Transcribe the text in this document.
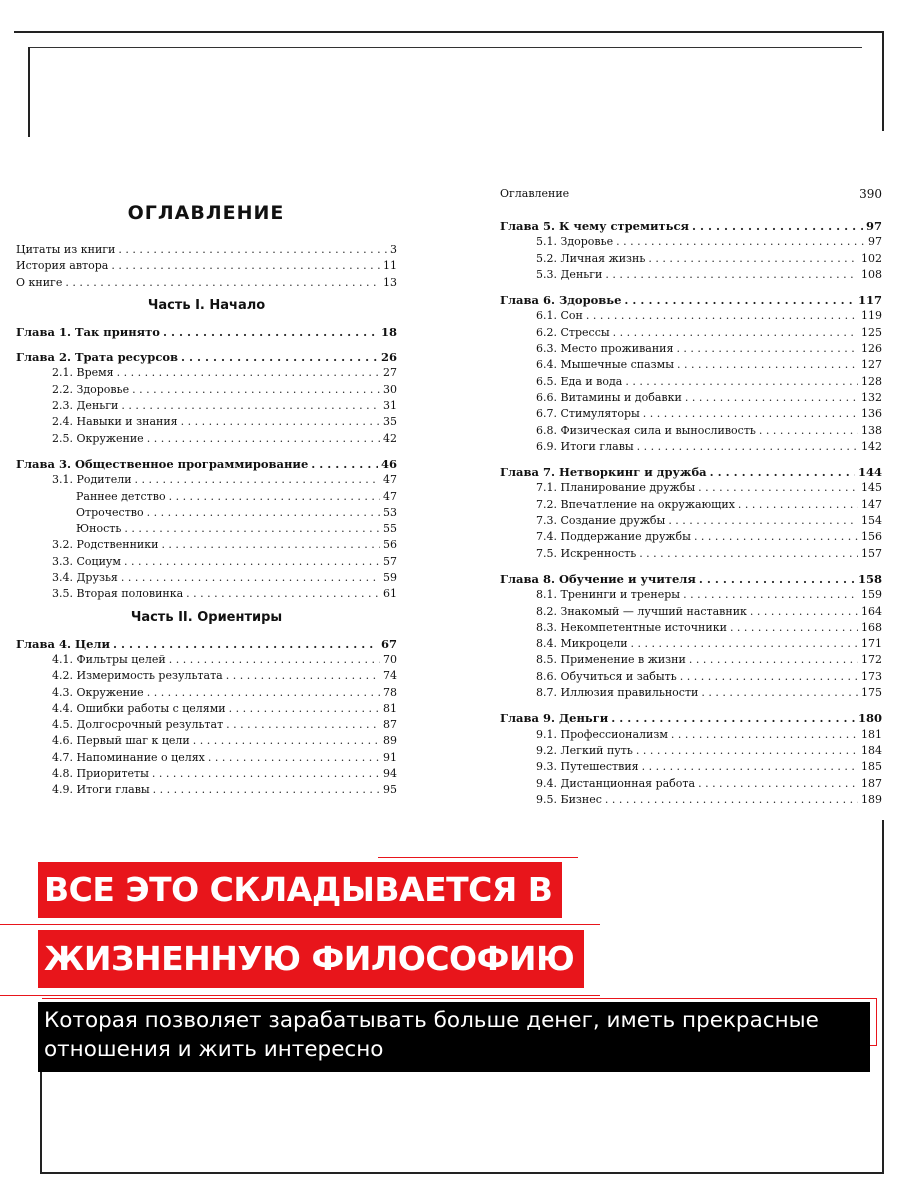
ОГЛАВЛЕНИЕ
Оглавление	390
Цитаты из книги . . .	3
История автора . . .	11
О книге . . .	13
Часть I. Начало
Глава 1. Так принято . . .	18
Глава 2. Трата ресурсов . . .	26
2.1. Время . . .	27
2.2. Здоровье . . .	30
2.3. Деньги . . .	31
2.4. Навыки и знания . . .	35
2.5. Окружение . . .	42
Глава 3. Общественное программирование . . .	46
3.1. Родители . . .	47
Раннее детство . . .	47
Отрочество . . .	53
Юность . . .	55
3.2. Родственники . . .	56
3.3. Социум . . .	57
3.4. Друзья . . .	59
3.5. Вторая половинка . . .	61
Часть II. Ориентиры
Глава 4. Цели . . .	67
4.1. Фильтры целей . . .	70
4.2. Измеримость результата . . .	74
4.3. Окружение . . .	78
4.4. Ошибки работы с целями . . .	81
4.5. Долгосрочный результат . . .	87
4.6. Первый шаг к цели . . .	89
4.7. Напоминание о целях . . .	91
4.8. Приоритеты . . .	94
4.9. Итоги главы . . .	95
Глава 5. К чему стремиться . . .	97
5.1. Здоровье . . .	97
5.2. Личная жизнь . . .	102
5.3. Деньги . . .	108
Глава 6. Здоровье . . .	117
6.1. Сон . . .	119
6.2. Стрессы . . .	125
6.3. Место проживания . . .	126
6.4. Мышечные спазмы . . .	127
6.5. Еда и вода . . .	128
6.6. Витамины и добавки . . .	132
6.7. Стимуляторы . . .	136
6.8. Физическая сила и выносливость . . .	138
6.9. Итоги главы . . .	142
Глава 7. Нетворкинг и дружба . . .	144
7.1. Планирование дружбы . . .	145
7.2. Впечатление на окружающих . . .	147
7.3. Создание дружбы . . .	154
7.4. Поддержание дружбы . . .	156
7.5. Искренность . . .	157
Глава 8. Обучение и учителя . . .	158
8.1. Тренинги и тренеры . . .	159
8.2. Знакомый — лучший наставник . . .	164
8.3. Некомпетентные источники . . .	168
8.4. Микроцели . . .	171
8.5. Применение в жизни . . .	172
8.6. Обучиться и забыть . . .	173
8.7. Иллюзия правильности . . .	175
Глава 9. Деньги . . .	180
9.1. Профессионализм . . .	181
9.2. Легкий путь . . .	184
9.3. Путешествия . . .	185
9.4. Дистанционная работа . . .	187
9.5. Бизнес . . .	189
ВСЕ ЭТО СКЛАДЫВАЕТСЯ В
ЖИЗНЕННУЮ ФИЛОСОФИЮ
Которая позволяет зарабатывать больше денег, иметь прекрасные отношения и жить интересно
